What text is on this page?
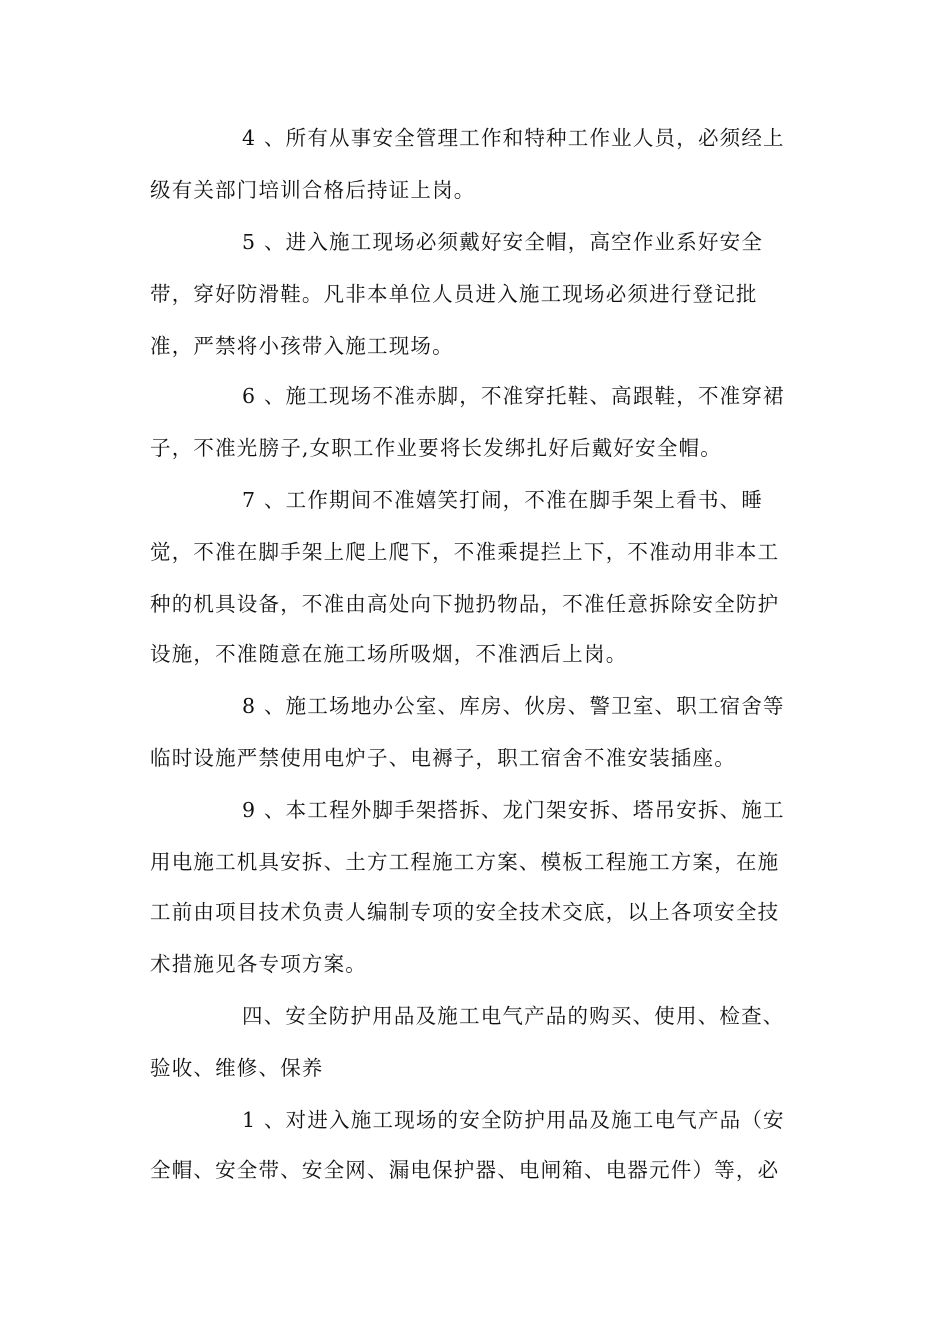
4 、所有从事安全管理工作和特种工作业人员，必须经上
级有关部门培训合格后持证上岗。
5 、进入施工现场必须戴好安全帽，高空作业系好安全
带，穿好防滑鞋。凡非本单位人员进入施工现场必须进行登记批
准，严禁将小孩带入施工现场。
6 、施工现场不准赤脚，不准穿托鞋、高跟鞋，不准穿裙
子，不准光膀子,女职工作业要将长发绑扎好后戴好安全帽。
7 、工作期间不准嬉笑打闹，不准在脚手架上看书、睡
觉，不准在脚手架上爬上爬下，不准乘提拦上下，不准动用非本工
种的机具设备，不准由高处向下抛扔物品，不准任意拆除安全防护
设施，不准随意在施工场所吸烟，不准洒后上岗。
8 、施工场地办公室、库房、伙房、警卫室、职工宿舍等
临时设施严禁使用电炉子、电褥子，职工宿舍不准安装插座。
9 、本工程外脚手架搭拆、龙门架安拆、塔吊安拆、施工
用电施工机具安拆、土方工程施工方案、模板工程施工方案，在施
工前由项目技术负责人编制专项的安全技术交底，以上各项安全技
术措施见各专项方案。
四、安全防护用品及施工电气产品的购买、使用、检查、
验收、维修、保养
1 、对进入施工现场的安全防护用品及施工电气产品（安
全帽、安全带、安全网、漏电保护器、电闸箱、电器元件）等，必
